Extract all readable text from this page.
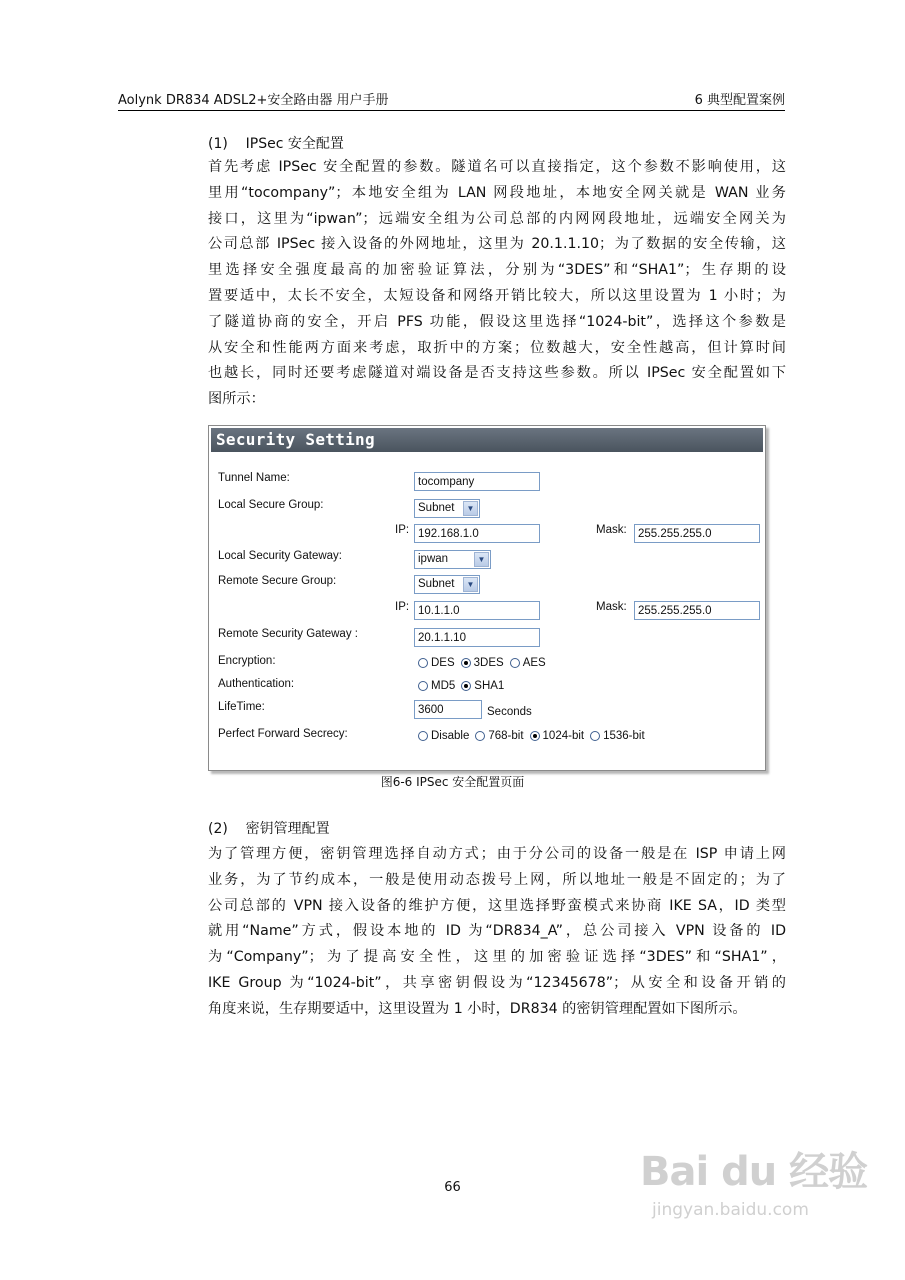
Aolynk DR834 ADSL2+安全路由器 用户手册	6 典型配置案例
(1)    IPSec 安全配置
首先考虑 IPSec 安全配置的参数。隧道名可以直接指定，这个参数不影响使用，这
里用“tocompany”；本地安全组为 LAN 网段地址，本地安全网关就是 WAN 业务
接口，这里为“ipwan”；远端安全组为公司总部的内网网段地址，远端安全网关为
公司总部 IPSec 接入设备的外网地址，这里为 20.1.1.10；为了数据的安全传输，这
里选择安全强度最高的加密验证算法，分别为“3DES”和“SHA1”；生存期的设
置要适中，太长不安全，太短设备和网络开销比较大，所以这里设置为 1 小时；为
了隧道协商的安全，开启 PFS 功能，假设这里选择“1024-bit”，选择这个参数是
从安全和性能两方面来考虑，取折中的方案；位数越大，安全性越高，但计算时间
也越长，同时还要考虑隧道对端设备是否支持这些参数。所以 IPSec 安全配置如下
图所示：
Security Setting
Tunnel Name:	tocompany
Local Secure Group:	Subnet	▼
IP: 192.168.1.0	Mask: 255.255.255.0
Local Security Gateway:	ipwan	▼
Remote Secure Group:	Subnet	▼
IP: 10.1.1.0	Mask: 255.255.255.0
Remote Security Gateway :	20.1.1.10
Encryption:	DES 3DES AES
Authentication:	MD5 SHA1
LifeTime:	3600	Seconds
Perfect Forward Secrecy:	Disable 768-bit 1024-bit 1536-bit
图6-6 IPSec 安全配置页面
(2)    密钥管理配置
为了管理方便，密钥管理选择自动方式；由于分公司的设备一般是在 ISP 申请上网
业务，为了节约成本，一般是使用动态拨号上网，所以地址一般是不固定的；为了
公司总部的 VPN 接入设备的维护方便，这里选择野蛮模式来协商 IKE SA，ID 类型
就用“Name”方式，假设本地的 ID 为“DR834_A”，总公司接入 VPN 设备的 ID
为“Company”；为了提高安全性，这里的加密验证选择“3DES”和“SHA1”，
IKE Group 为“1024-bit”，共享密钥假设为“12345678”；从安全和设备开销的
角度来说，生存期要适中，这里设置为 1 小时，DR834 的密钥管理配置如下图所示。
66	Bai du 经验
jingyan.baidu.com
